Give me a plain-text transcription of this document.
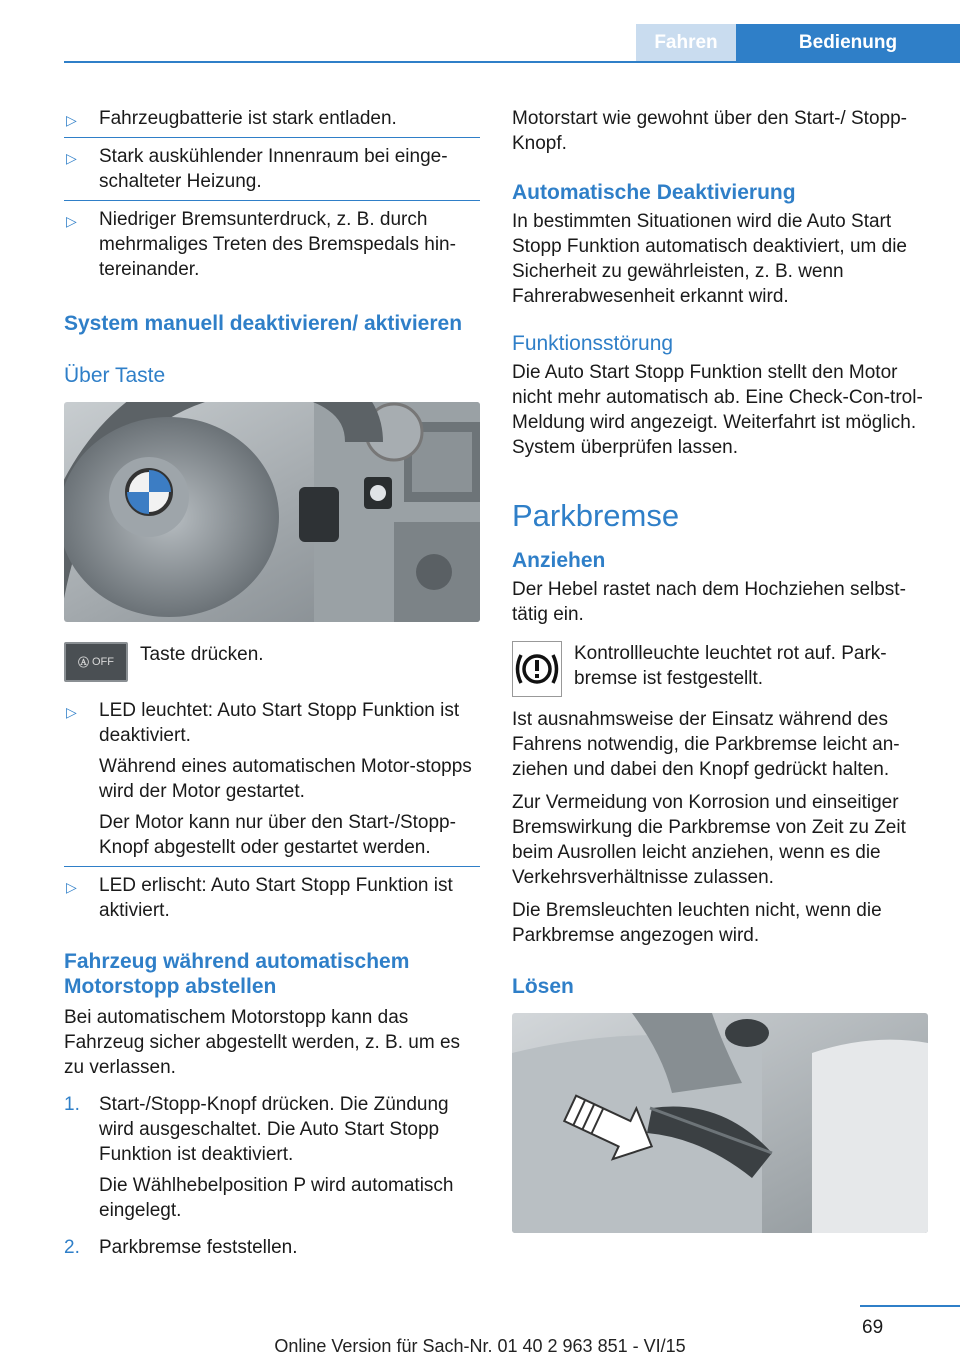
Fahren	Bedienung
▷ Fahrzeugbatterie ist stark entladen.
▷ Stark auskühlender Innenraum bei einge-schalteter Heizung.
▷ Niedriger Bremsunterdruck, z. B. durch mehrmaliges Treten des Bremspedals hin-tereinander.
System manuell deaktivieren/ aktivieren
Über Taste
Ⓐ OFF Taste drücken.

▷ LED leuchtet: Auto Start Stopp Funktion ist deaktiviert.
Während eines automatischen Motor-stopps wird der Motor gestartet.
Der Motor kann nur über den Start-/Stopp-Knopf abgestellt oder gestartet werden.
▷ LED erlischt: Auto Start Stopp Funktion ist aktiviert.
Fahrzeug während automatischem Motorstopp abstellen

Bei automatischem Motorstopp kann das Fahrzeug sicher abgestellt werden, z. B. um es zu verlassen.

1. Start-/Stopp-Knopf drücken. Die Zündung wird ausgeschaltet. Die Auto Start Stopp Funktion ist deaktiviert.
Die Wählhebelposition P wird automatisch eingelegt.
2. Parkbremse feststellen.

Motorstart wie gewohnt über den Start-/ Stopp-Knopf.

Automatische Deaktivierung

In bestimmten Situationen wird die Auto Start Stopp Funktion automatisch deaktiviert, um die Sicherheit zu gewährleisten, z. B. wenn Fahrerabwesenheit erkannt wird.

Funktionsstörung

Die Auto Start Stopp Funktion stellt den Motor nicht mehr automatisch ab. Eine Check-Con-trol-Meldung wird angezeigt. Weiterfahrt ist möglich. System überprüfen lassen.

Parkbremse
Anziehen

Der Hebel rastet nach dem Hochziehen selbst-tätig ein.

Kontrollleuchte leuchtet rot auf. Park-bremse ist festgestellt.

Ist ausnahmsweise der Einsatz während des Fahrens notwendig, die Parkbremse leicht an-ziehen und dabei den Knopf gedrückt halten.

Zur Vermeidung von Korrosion und einseitiger Bremswirkung die Parkbremse von Zeit zu Zeit beim Ausrollen leicht anziehen, wenn es die Verkehrsverhältnisse zulassen.

Die Bremsleuchten leuchten nicht, wenn die Parkbremse angezogen wird.

Lösen
69
Online Version für Sach-Nr. 01 40 2 963 851 - VI/15
